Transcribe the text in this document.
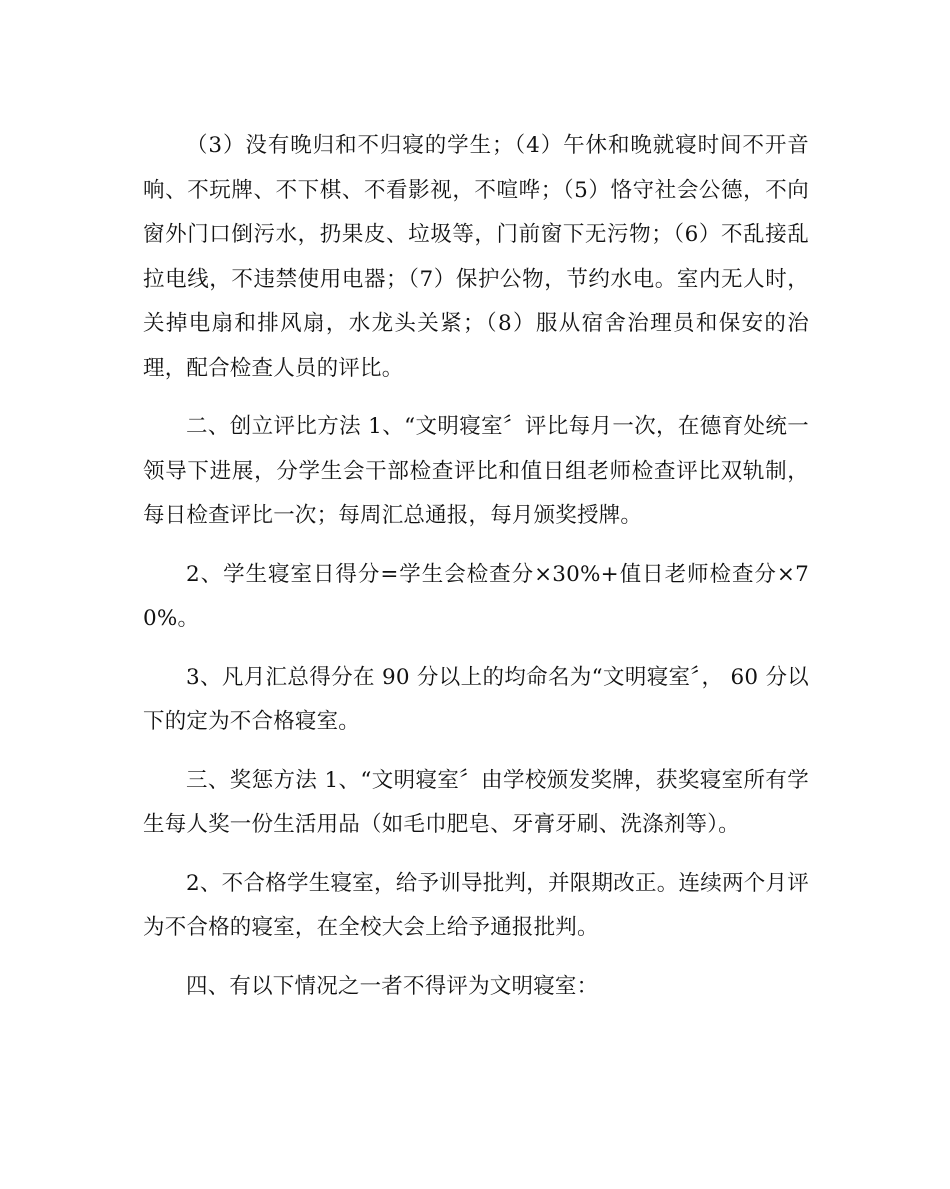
（3）没有晚归和不归寝的学生；（4）午休和晚就寝时间不开音响、不玩牌、不下棋、不看影视，不喧哗；（5）恪守社会公德，不向窗外门口倒污水，扔果皮、垃圾等，门前窗下无污物；（6）不乱接乱拉电线，不违禁使用电器；（7）保护公物，节约水电。室内无人时，关掉电扇和排风扇，水龙头关紧；（8）服从宿舍治理员和保安的治理，配合检查人员的评比。

二、创立评比方法 1、“文明寝室〞评比每月一次，在德育处统一领导下进展，分学生会干部检查评比和值日组老师检查评比双轨制，每日检查评比一次；每周汇总通报，每月颁奖授牌。

2、学生寝室日得分=学生会检查分×30%+值日老师检查分×70%。

3、凡月汇总得分在 90 分以上的均命名为“文明寝室〞， 60 分以下的定为不合格寝室。

三、奖惩方法 1、“文明寝室〞由学校颁发奖牌，获奖寝室所有学生每人奖一份生活用品（如毛巾肥皂、牙膏牙刷、洗涤剂等）。

2、不合格学生寝室，给予训导批判，并限期改正。连续两个月评为不合格的寝室，在全校大会上给予通报批判。

四、有以下情况之一者不得评为文明寝室：
